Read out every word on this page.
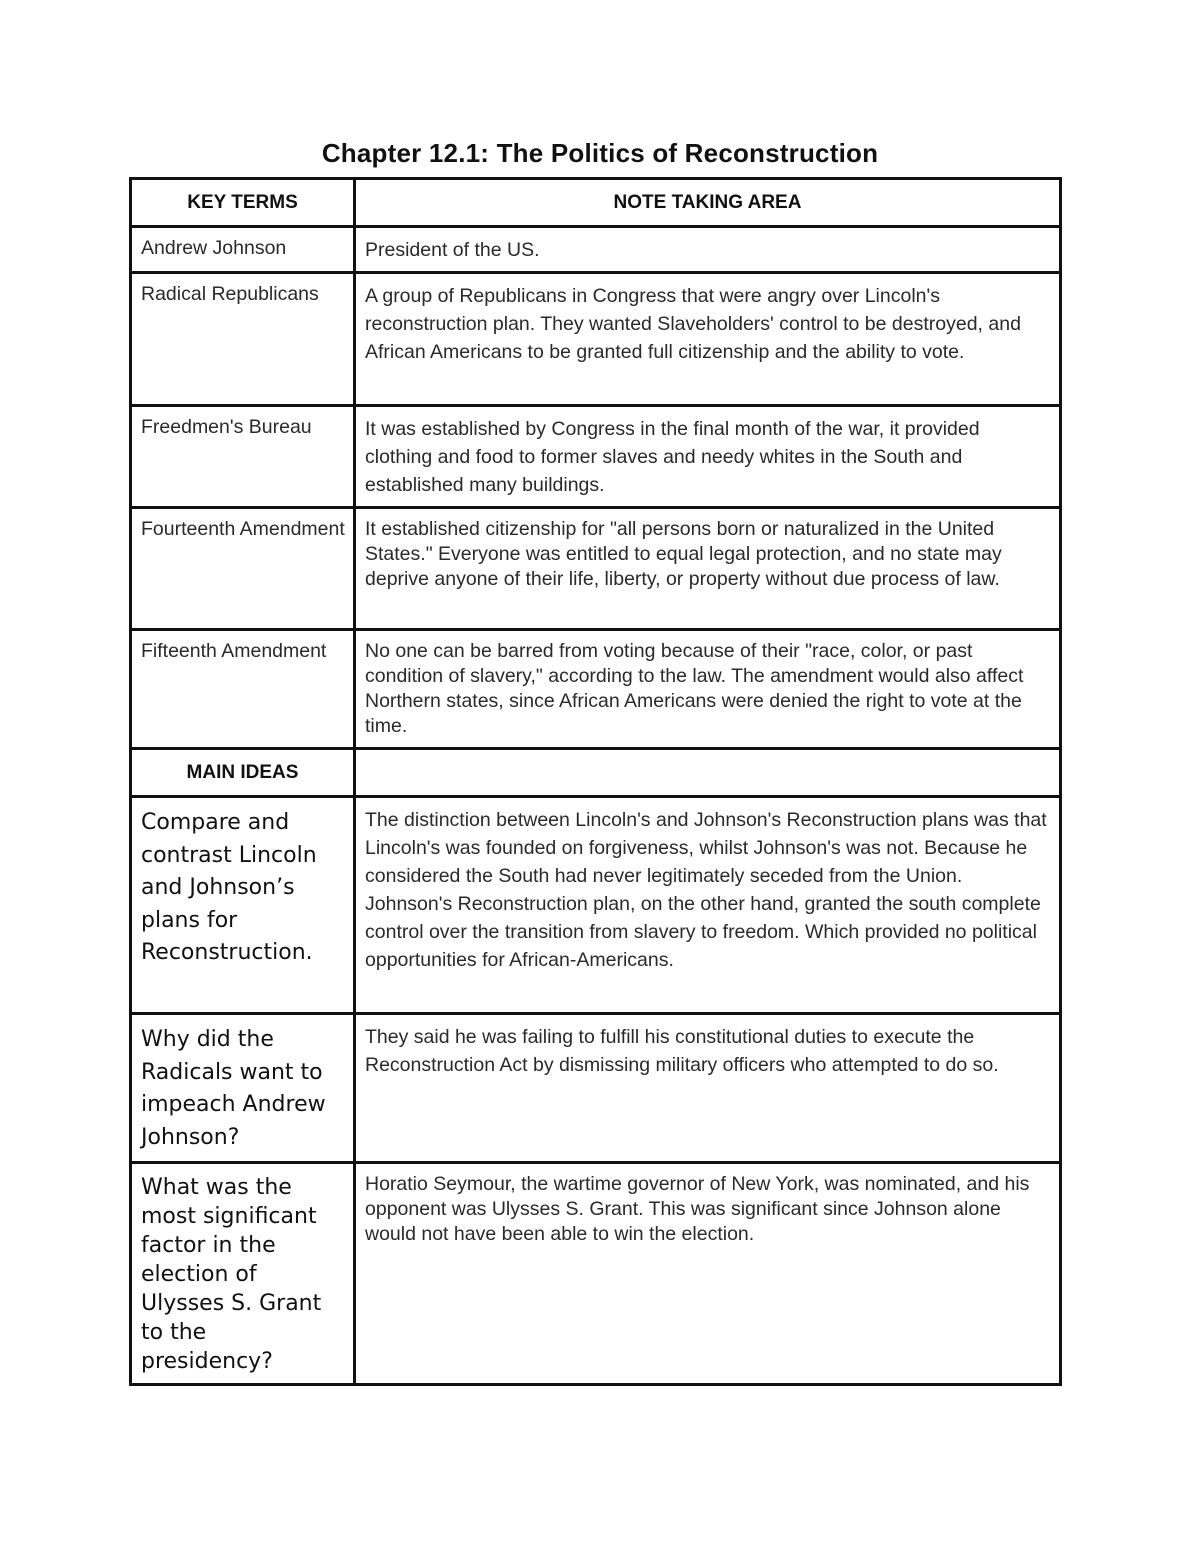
Chapter 12.1: The Politics of Reconstruction
KEY TERMS	NOTE TAKING AREA
Andrew Johnson	President of the US.
Radical Republicans	A group of Republicans in Congress that were angry over Lincoln's reconstruction plan. They wanted Slaveholders' control to be destroyed, and African Americans to be granted full citizenship and the ability to vote.
Freedmen's Bureau	It was established by Congress in the final month of the war, it provided clothing and food to former slaves and needy whites in the South and established many buildings.
Fourteenth Amendment	It established citizenship for "all persons born or naturalized in the United States." Everyone was entitled to equal legal protection, and no state may deprive anyone of their life, liberty, or property without due process of law.
Fifteenth Amendment	No one can be barred from voting because of their "race, color, or past condition of slavery," according to the law. The amendment would also affect Northern states, since African Americans were denied the right to vote at the time.
MAIN IDEAS	
Compare and contrast Lincoln and Johnson’s plans for Reconstruction.	The distinction between Lincoln's and Johnson's Reconstruction plans was that Lincoln's was founded on forgiveness, whilst Johnson's was not. Because he considered the South had never legitimately seceded from the Union. Johnson's Reconstruction plan, on the other hand, granted the south complete control over the transition from slavery to freedom. Which provided no political opportunities for African-Americans.
Why did the Radicals want to impeach Andrew Johnson?	They said he was failing to fulfill his constitutional duties to execute the Reconstruction Act by dismissing military officers who attempted to do so.
What was the most significant factor in the election of Ulysses S. Grant to the presidency?	Horatio Seymour, the wartime governor of New York, was nominated, and his opponent was Ulysses S. Grant. This was significant since Johnson alone would not have been able to win the election.
